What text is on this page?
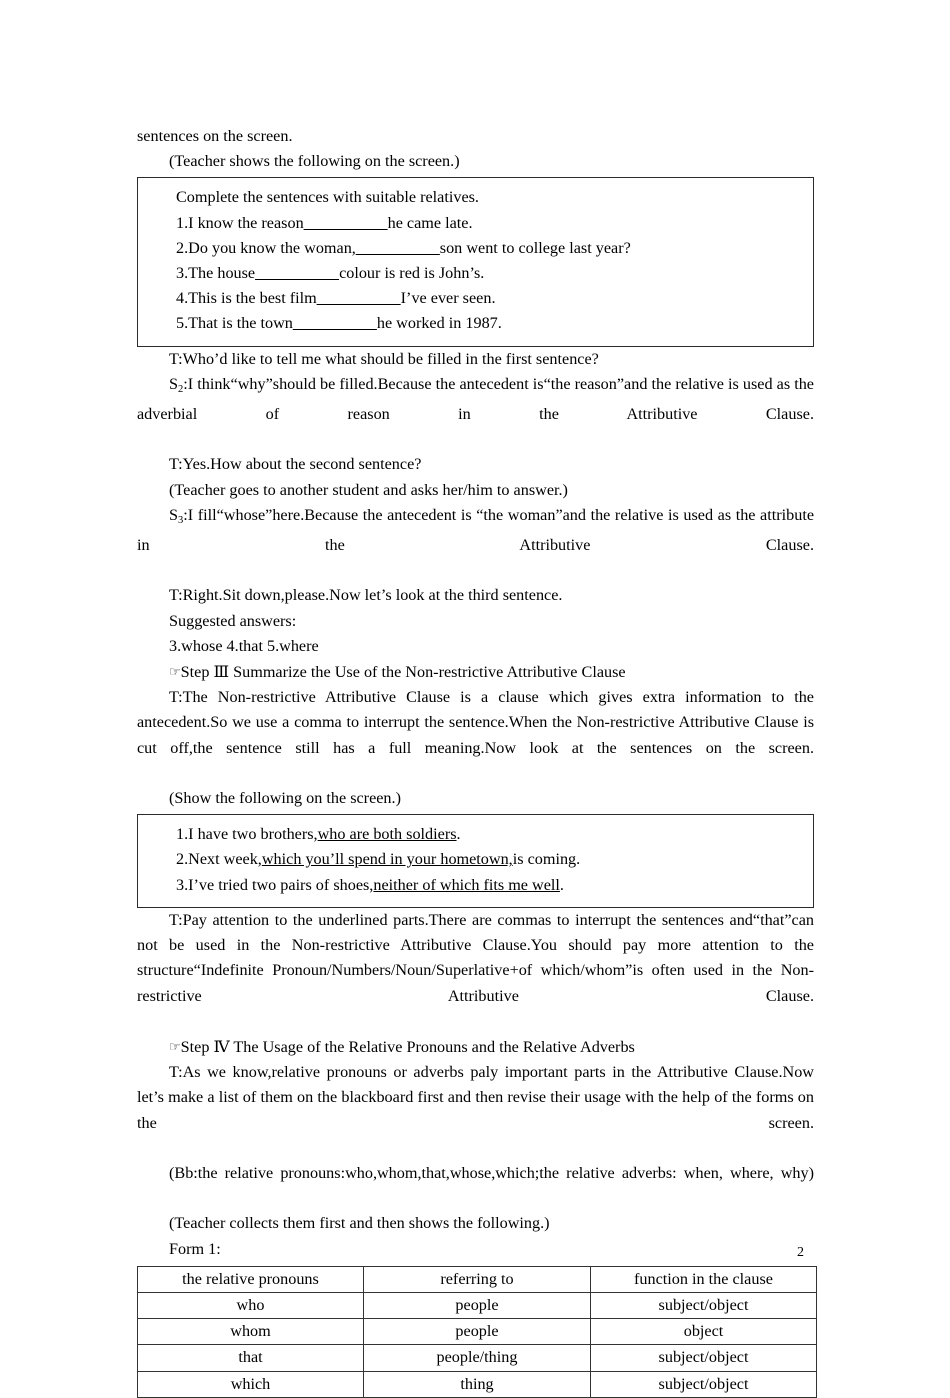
sentences on the screen.

(Teacher shows the following on the screen.)

Complete the sentences with suitable relatives.

1.I know the reason__________he came late.

2.Do you know the woman,__________son went to college last year?

3.The house__________colour is red is John’s.

4.This is the best film__________I’ve ever seen.

5.That is the town__________he worked in 1987.

T:Who’d like to tell me what should be filled in the first sentence?

$S_2:I$ think“why”should be filled.Because the antecedent is“the reason”and the relative is used as the adverbial of reason in the Attributive Clause.

T:Yes.How about the second sentence?

(Teacher goes to another student and asks her/him to answer.)

$S_3:I$ fill“whose”here.Because the antecedent is “the woman”and the relative is used as the attribute in the Attributive Clause.

T:Right.Sit down,please.Now let’s look at the third sentence.

Suggested answers:

3.whose 4.that 5.where

☞Step Ⅲ Summarize the Use of the Non-restrictive Attributive Clause

T:The Non-restrictive Attributive Clause is a clause which gives extra information to the antecedent.So we use a comma to interrupt the sentence.When the Non-restrictive Attributive Clause is cut off,the sentence still has a full meaning.Now look at the sentences on the screen.

(Show the following on the screen.)

1.I have two brothers,who are both soldiers.

2.Next week,which you’ll spend in your hometown,is coming.

3.I’ve tried two pairs of shoes,neither of which fits me well.

T:Pay attention to the underlined parts.There are commas to interrupt the sentences and“that”can not be used in the Non-restrictive Attributive Clause.You should pay more attention to the structure“Indefinite Pronoun/Numbers/Noun/Superlative+of which/whom”is often used in the Non-restrictive Attributive Clause.

☞Step Ⅳ The Usage of the Relative Pronouns and the Relative Adverbs

T:As we know,relative pronouns or adverbs paly important parts in the Attributive Clause.Now let’s make a list of them on the blackboard first and then revise their usage with the help of the forms on the screen.

(Bb:the relative pronouns:who,whom,that,whose,which;the relative adverbs: when, where, why)

(Teacher collects them first and then shows the following.)

Form 1:

the relative pronouns	referring to	function in the clause
who	people	subject/object
whom	people	object
that	people/thing	subject/object
which	thing	subject/object
2
